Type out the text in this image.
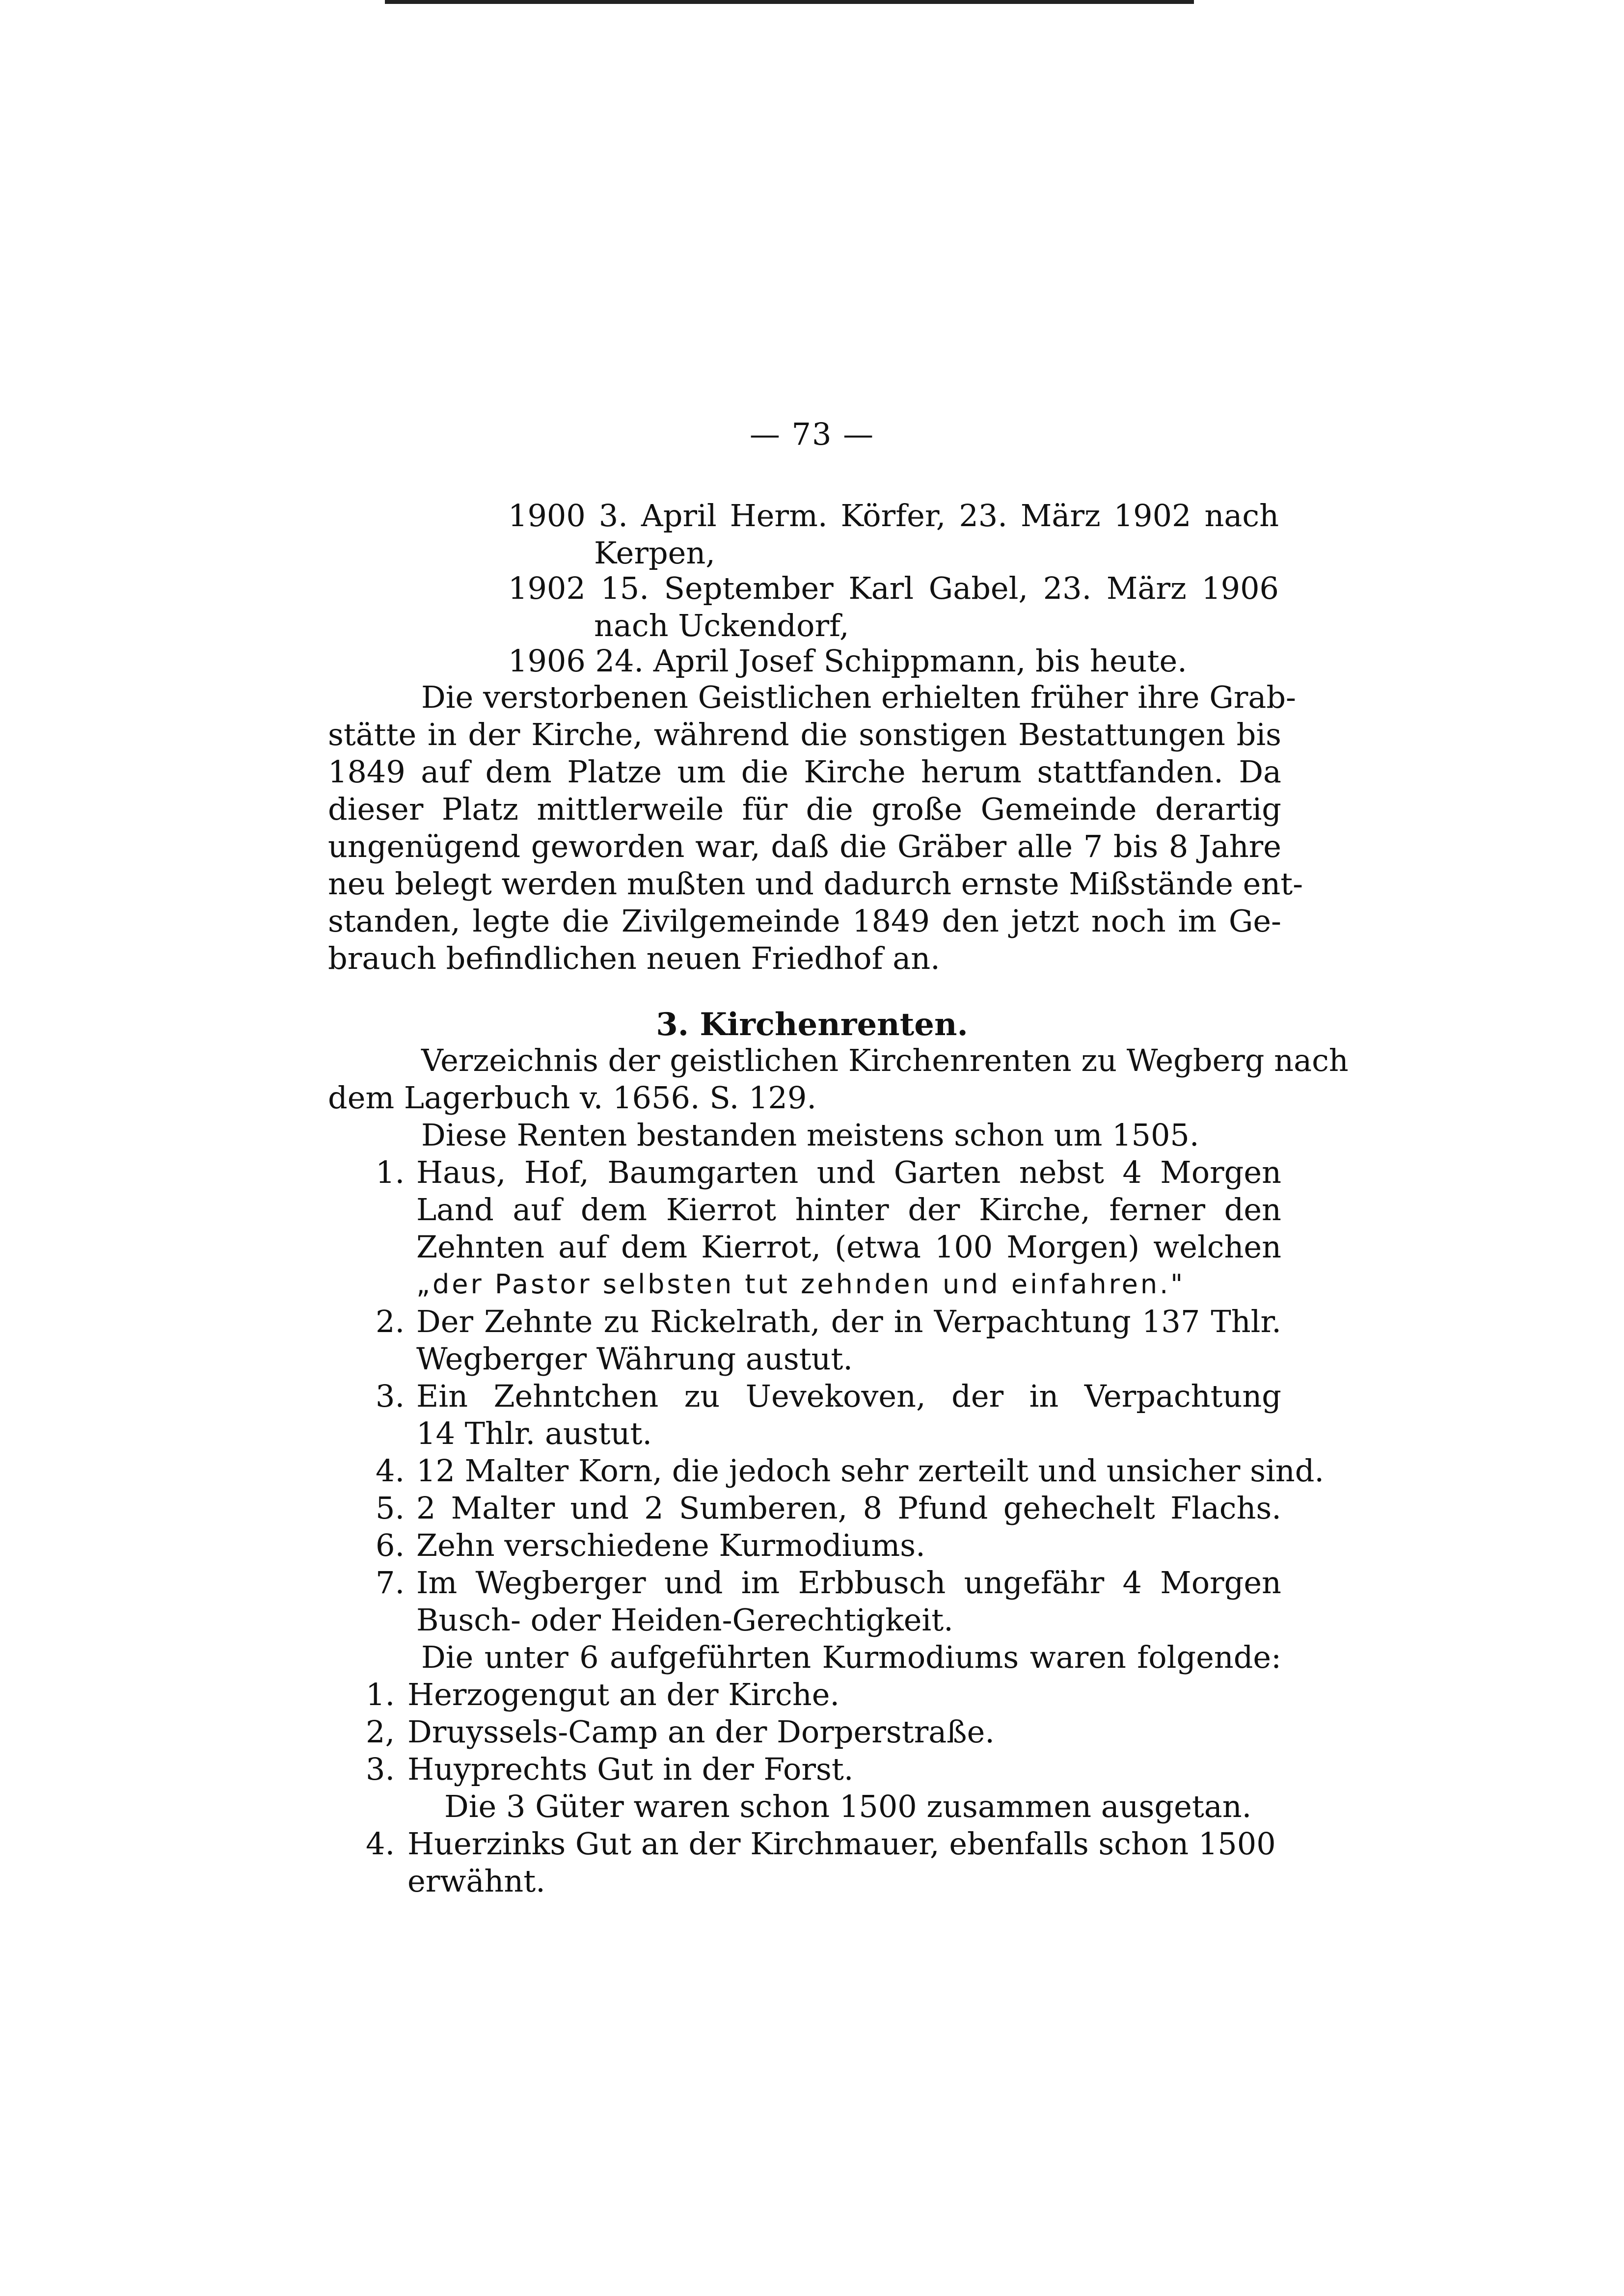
— 73 —
1900 3. April Herm. Körfer, 23. März 1902 nach
Kerpen,
1902 15. September Karl Gabel, 23. März 1906
nach Uckendorf,
1906 24. April Josef Schippmann, bis heute.
Die verstorbenen Geistlichen erhielten früher ihre Grab-
stätte in der Kirche, während die sonstigen Bestattungen bis
1849 auf dem Platze um die Kirche herum stattfanden. Da
dieser Platz mittlerweile für die große Gemeinde derartig
ungenügend geworden war, daß die Gräber alle 7 bis 8 Jahre
neu belegt werden mußten und dadurch ernste Mißstände ent-
standen, legte die Zivilgemeinde 1849 den jetzt noch im Ge-
brauch befindlichen neuen Friedhof an.
3. Kirchenrenten.
Verzeichnis der geistlichen Kirchenrenten zu Wegberg nach
dem Lagerbuch v. 1656. S. 129.
Diese Renten bestanden meistens schon um 1505.
1. Haus, Hof, Baumgarten und Garten nebst 4 Morgen
Land auf dem Kierrot hinter der Kirche, ferner den
Zehnten auf dem Kierrot, (etwa 100 Morgen) welchen
„der Pastor selbsten tut zehnden und einfahren."
2. Der Zehnte zu Rickelrath, der in Verpachtung 137 Thlr.
Wegberger Währung austut.
3. Ein Zehntchen zu Uevekoven, der in Verpachtung
14 Thlr. austut.
4. 12 Malter Korn, die jedoch sehr zerteilt und unsicher sind.
5. 2 Malter und 2 Sumberen, 8 Pfund gehechelt Flachs.
6. Zehn verschiedene Kurmodiums.
7. Im Wegberger und im Erbbusch ungefähr 4 Morgen
Busch- oder Heiden-Gerechtigkeit.
Die unter 6 aufgeführten Kurmodiums waren folgende:
1. Herzogengut an der Kirche.
2, Druyssels-Camp an der Dorperstraße.
3. Huyprechts Gut in der Forst.
Die 3 Güter waren schon 1500 zusammen ausgetan.
4. Huerzinks Gut an der Kirchmauer, ebenfalls schon 1500
erwähnt.
